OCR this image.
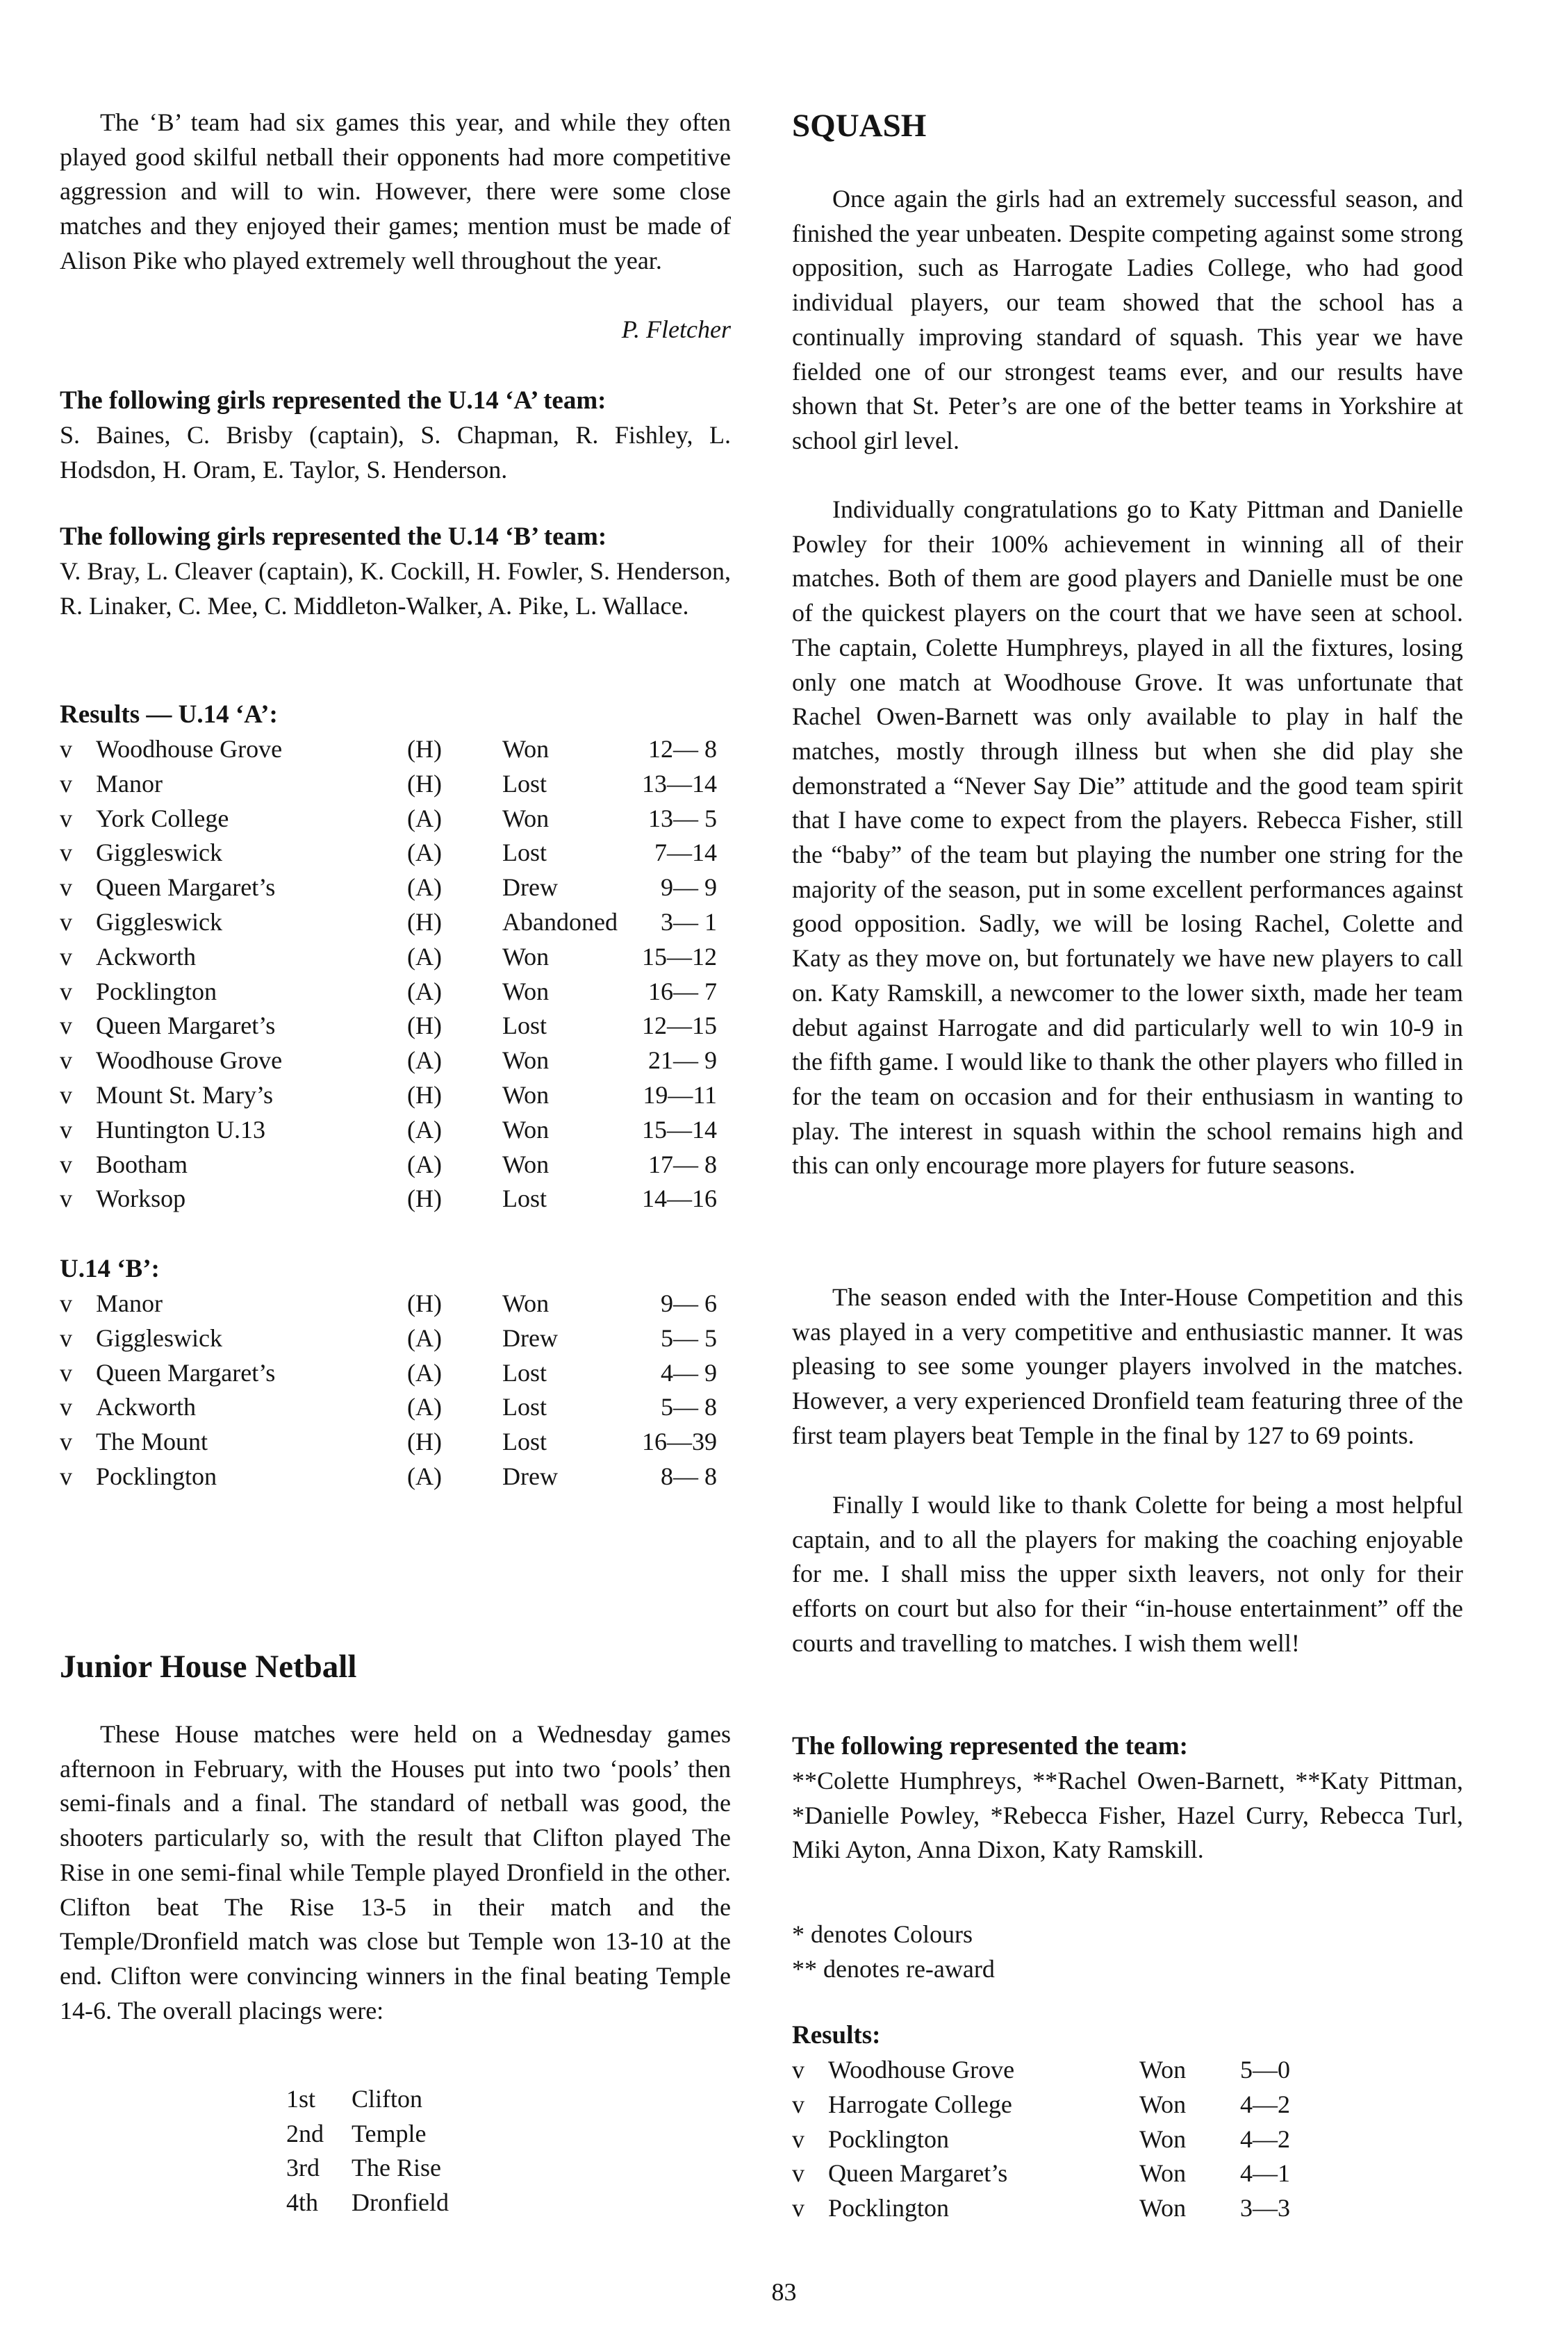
The ‘B’ team had six games this year, and while they often played good skilful netball their opponents had more competitive aggression and will to win. However, there were some close matches and they enjoyed their games; mention must be made of Alison Pike who played extremely well throughout the year.

P. Fletcher

The following girls represented the U.14 ‘A’ team:

S. Baines, C. Brisby (captain), S. Chapman, R. Fishley, L. Hodsdon, H. Oram, E. Taylor, S. Henderson.

The following girls represented the U.14 ‘B’ team:

V. Bray, L. Cleaver (captain), K. Cockill, H. Fowler, S. Henderson, R. Linaker, C. Mee, C. Middleton-Walker, A. Pike, L. Wallace.

Results — U.14 ‘A’:

v Woodhouse Grove	(H) Won	12— 8
v Manor	(H) Lost	13—14
v York College	(A) Won	13— 5
v Giggleswick	(A) Lost	7—14
v Queen Margaret’s	(A) Drew	9— 9
v Giggleswick	(H) Abandoned	3— 1
v Ackworth	(A) Won	15—12
v Pocklington	(A) Won	16— 7
v Queen Margaret’s	(H) Lost	12—15
v Woodhouse Grove	(A) Won	21— 9
v Mount St. Mary’s	(H) Won	19—11
v Huntington U.13	(A) Won	15—14
v Bootham	(A) Won	17— 8
v Worksop	(H) Lost	14—16

U.14 ‘B’:

v Manor	(H) Won	9— 6
v Giggleswick	(A) Drew	5— 5
v Queen Margaret’s	(A) Lost	4— 9
v Ackworth	(A) Lost	5— 8
v The Mount	(H) Lost	16—39
v Pocklington	(A) Drew	8— 8

Junior House Netball

These House matches were held on a Wednesday games afternoon in February, with the Houses put into two ‘pools’ then semi-finals and a final. The standard of netball was good, the shooters particularly so, with the result that Clifton played The Rise in one semi-final while Temple played Dronfield in the other. Clifton beat The Rise 13-5 in their match and the Temple/Dronfield match was close but Temple won 13-10 at the end. Clifton were convincing winners in the final beating Temple 14-6. The overall placings were:

1st Clifton
2nd Temple
3rd The Rise
4th Dronfield

SQUASH

Once again the girls had an extremely successful season, and finished the year unbeaten. Despite competing against some strong opposition, such as Harrogate Ladies College, who had good individual players, our team showed that the school has a continually improving standard of squash. This year we have fielded one of our strongest teams ever, and our results have shown that St. Peter’s are one of the better teams in Yorkshire at school girl level.

Individually congratulations go to Katy Pittman and Danielle Powley for their 100% achievement in winning all of their matches. Both of them are good players and Danielle must be one of the quickest players on the court that we have seen at school. The captain, Colette Humphreys, played in all the fixtures, losing only one match at Woodhouse Grove. It was unfortunate that Rachel Owen-Barnett was only available to play in half the matches, mostly through illness but when she did play she demonstrated a “Never Say Die” attitude and the good team spirit that I have come to expect from the players. Rebecca Fisher, still the “baby” of the team but playing the number one string for the majority of the season, put in some excellent performances against good opposition. Sadly, we will be losing Rachel, Colette and Katy as they move on, but fortunately we have new players to call on. Katy Ramskill, a newcomer to the lower sixth, made her team debut against Harrogate and did particularly well to win 10-9 in the fifth game. I would like to thank the other players who filled in for the team on occasion and for their enthusiasm in wanting to play. The interest in squash within the school remains high and this can only encourage more players for future seasons.

The season ended with the Inter-House Competition and this was played in a very competitive and enthusiastic manner. It was pleasing to see some younger players involved in the matches. However, a very experienced Dronfield team featuring three of the first team players beat Temple in the final by 127 to 69 points.

Finally I would like to thank Colette for being a most helpful captain, and to all the players for making the coaching enjoyable for me. I shall miss the upper sixth leavers, not only for their efforts on court but also for their “in-house entertainment” off the courts and travelling to matches. I wish them well!

The following represented the team:

**Colette Humphreys, **Rachel Owen-Barnett, **Katy Pittman, *Danielle Powley, *Rebecca Fisher, Hazel Curry, Rebecca Turl, Miki Ayton, Anna Dixon, Katy Ramskill.

* denotes Colours

** denotes re-award

Results:

v Woodhouse Grove	Won 5—0
v Harrogate College	Won 4—2
v Pocklington	Won 4—2
v Queen Margaret’s	Won 4—1
v Pocklington	Won 3—3
83
